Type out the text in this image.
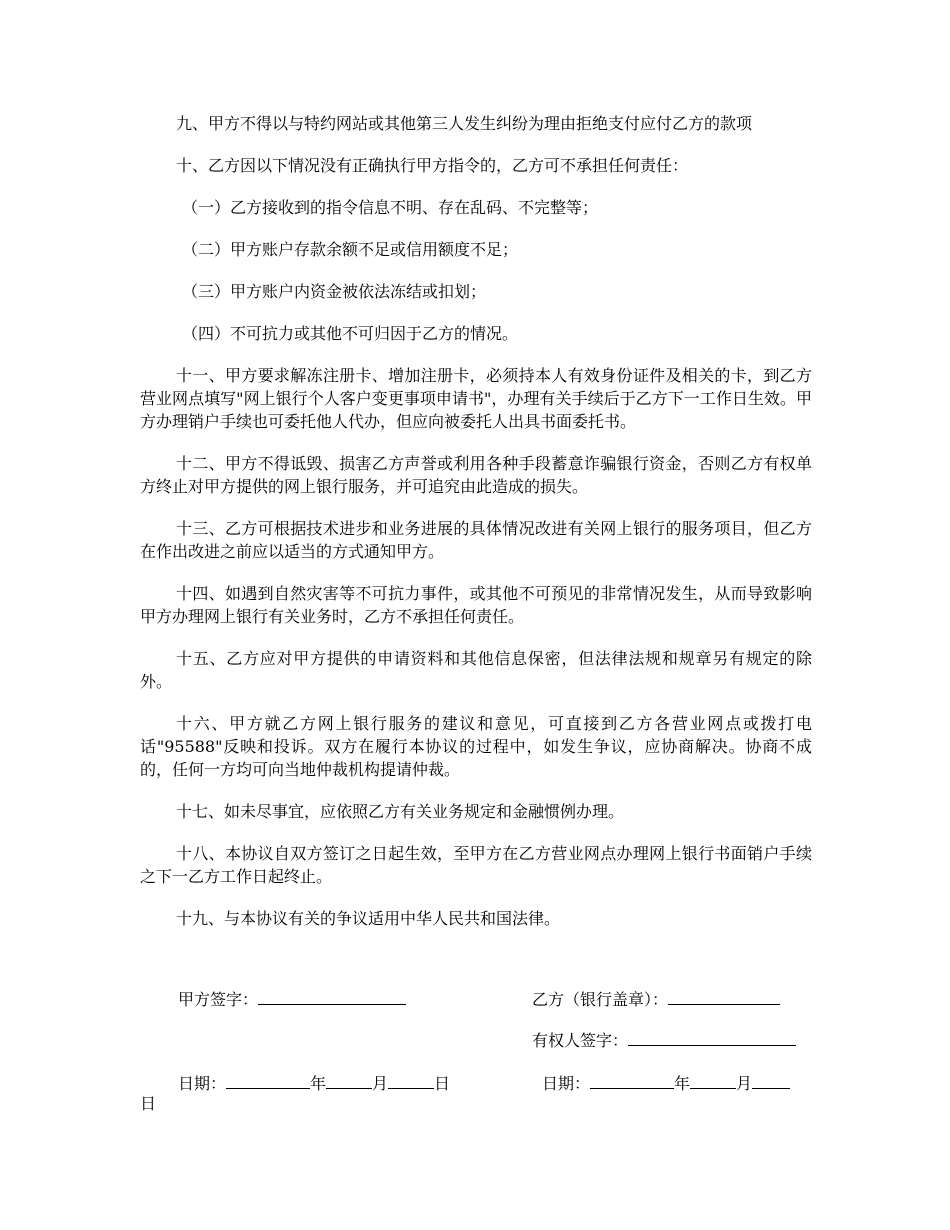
九、甲方不得以与特约网站或其他第三人发生纠纷为理由拒绝支付应付乙方的款项

十、乙方因以下情况没有正确执行甲方指令的，乙方可不承担任何责任：

（一）乙方接收到的指令信息不明、存在乱码、不完整等；

（二）甲方账户存款余额不足或信用额度不足；

（三）甲方账户内资金被依法冻结或扣划；

（四）不可抗力或其他不可归因于乙方的情况。

十一、甲方要求解冻注册卡、增加注册卡，必须持本人有效身份证件及相关的卡，到乙方营业网点填写"网上银行个人客户变更事项申请书"，办理有关手续后于乙方下一工作日生效。甲方办理销户手续也可委托他人代办，但应向被委托人出具书面委托书。

十二、甲方不得诋毁、损害乙方声誉或利用各种手段蓄意诈骗银行资金，否则乙方有权单方终止对甲方提供的网上银行服务，并可追究由此造成的损失。

十三、乙方可根据技术进步和业务进展的具体情况改进有关网上银行的服务项目，但乙方在作出改进之前应以适当的方式通知甲方。

十四、如遇到自然灾害等不可抗力事件，或其他不可预见的非常情况发生，从而导致影响甲方办理网上银行有关业务时，乙方不承担任何责任。

十五、乙方应对甲方提供的申请资料和其他信息保密，但法律法规和规章另有规定的除外。

十六、甲方就乙方网上银行服务的建议和意见，可直接到乙方各营业网点或拨打电话"95588"反映和投诉。双方在履行本协议的过程中，如发生争议，应协商解决。协商不成的，任何一方均可向当地仲裁机构提请仲裁。

十七、如未尽事宜，应依照乙方有关业务规定和金融惯例办理。

十八、本协议自双方签订之日起生效，至甲方在乙方营业网点办理网上银行书面销户手续之下一乙方工作日起终止。

十九、与本协议有关的争议适用中华人民共和国法律。

甲方签字：	乙方（银行盖章）：
有权人签字：
日期：	年	月	日	日期：	年	月
日
